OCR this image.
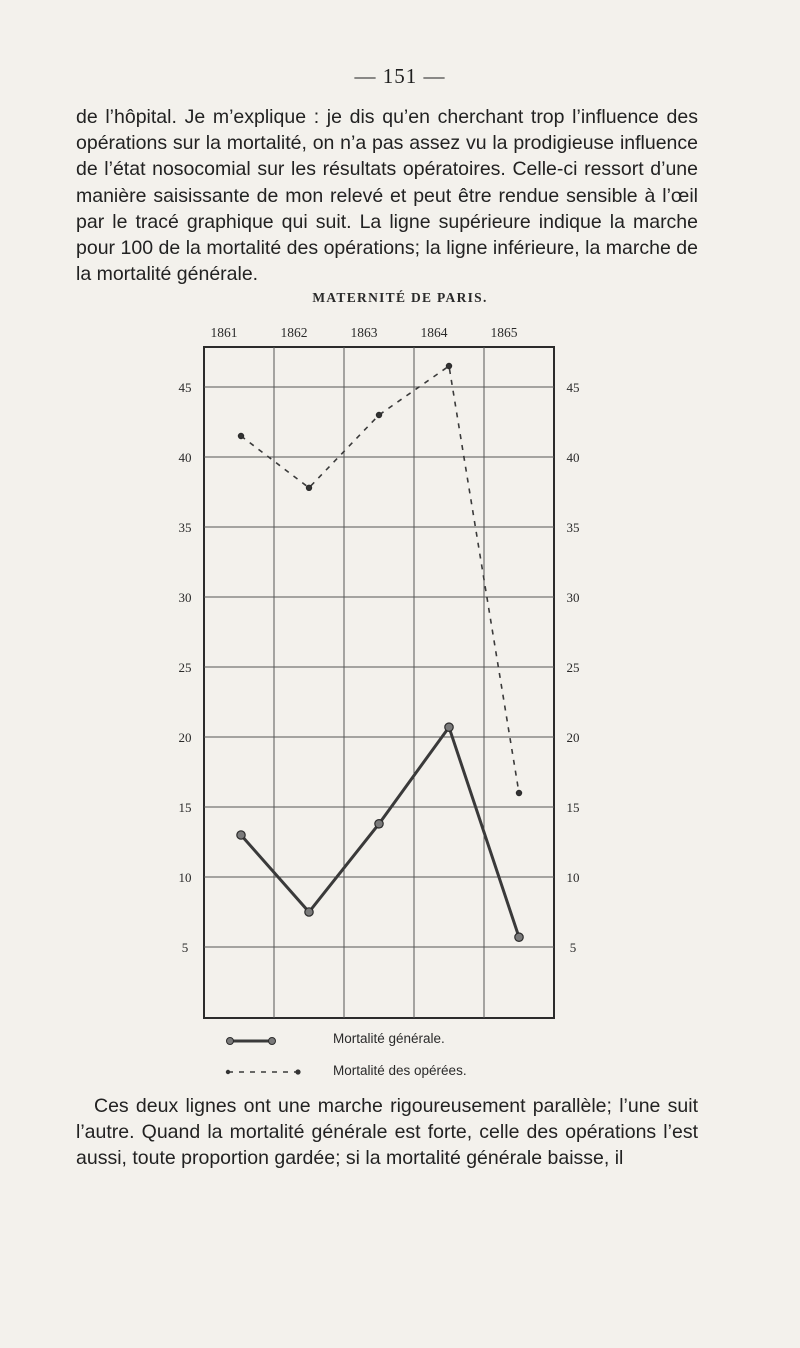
— 151 —
de l’hôpital. Je m’explique : je dis qu’en cherchant trop l’influence des opérations sur la mortalité, on n’a pas assez vu la prodigieuse influence de l’état nosocomial sur les résultats opératoires. Celle-ci ressort d’une manière saisissante de mon relevé et peut être rendue sensible à l’œil par le tracé graphique qui suit. La ligne supérieure indique la marche pour 100 de la mortalité des opérations; la ligne inférieure, la marche de la mortalité générale.
MATERNITÉ DE PARIS.
45	45
40	40
35	35
30	30
25	25
20	20
15	15
10	10
5	5
1861	1862	1863	1864	1865
Mortalité générale.
Mortalité des opérées.
Ces deux lignes ont une marche rigoureusement parallèle; l’une suit l’autre. Quand la mortalité générale est forte, celle des opérations l’est aussi, toute proportion gardée; si la mortalité générale baisse, il
